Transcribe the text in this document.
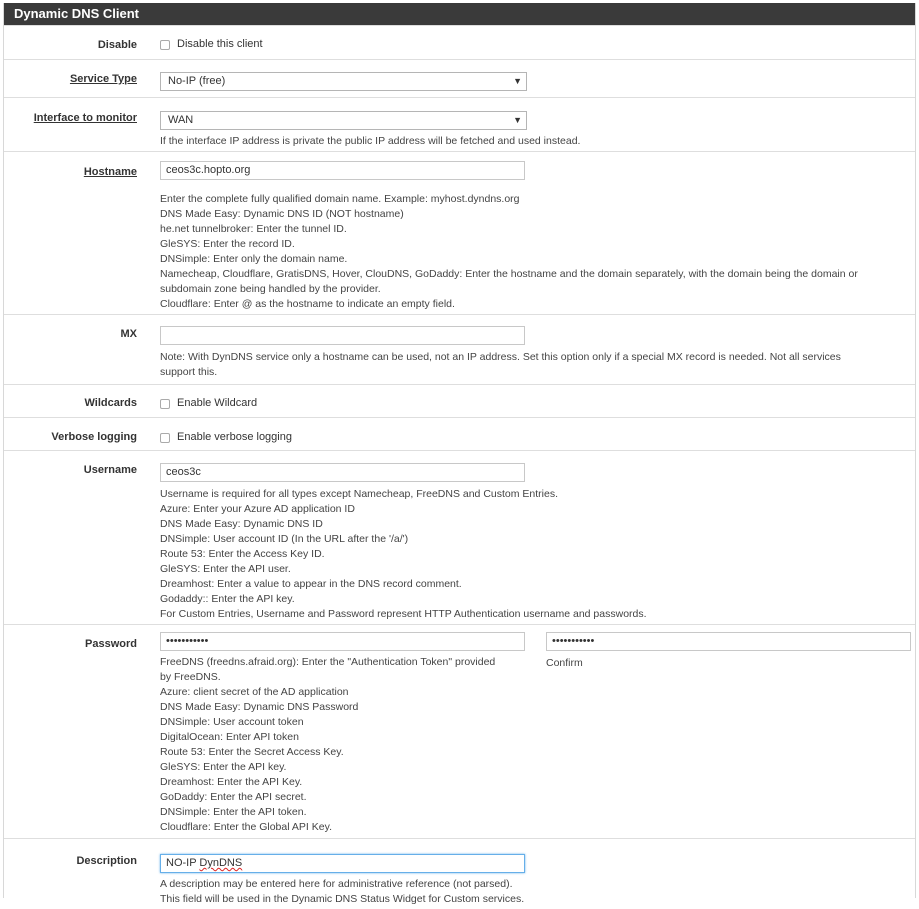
Dynamic DNS Client
Disable	Disable this client
Service Type	No-IP (free)	▼
Interface to monitor	WAN	▼
If the interface IP address is private the public IP address will be fetched and used instead.
Hostname	ceos3c.hopto.org
Enter the complete fully qualified domain name. Example: myhost.dyndns.org
DNS Made Easy: Dynamic DNS ID (NOT hostname)
he.net tunnelbroker: Enter the tunnel ID.
GleSYS: Enter the record ID.
DNSimple: Enter only the domain name.
Namecheap, Cloudflare, GratisDNS, Hover, ClouDNS, GoDaddy: Enter the hostname and the domain separately, with the domain being the domain or
subdomain zone being handled by the provider.
Cloudflare: Enter @ as the hostname to indicate an empty field.
MX
Note: With DynDNS service only a hostname can be used, not an IP address. Set this option only if a special MX record is needed. Not all services
support this.
Wildcards	Enable Wildcard
Verbose logging	Enable verbose logging
Username	ceos3c
Username is required for all types except Namecheap, FreeDNS and Custom Entries.
Azure: Enter your Azure AD application ID
DNS Made Easy: Dynamic DNS ID
DNSimple: User account ID (In the URL after the '/a/')
Route 53: Enter the Access Key ID.
GleSYS: Enter the API user.
Dreamhost: Enter a value to appear in the DNS record comment.
Godaddy:: Enter the API key.
For Custom Entries, Username and Password represent HTTP Authentication username and passwords.
Password	•••••••••••	•••••••••••
Confirm
FreeDNS (freedns.afraid.org): Enter the "Authentication Token" provided
by FreeDNS.
Azure: client secret of the AD application
DNS Made Easy: Dynamic DNS Password
DNSimple: User account token
DigitalOcean: Enter API token
Route 53: Enter the Secret Access Key.
GleSYS: Enter the API key.
Dreamhost: Enter the API Key.
GoDaddy: Enter the API secret.
DNSimple: Enter the API token.
Cloudflare: Enter the Global API Key.
Description	NO-IP DynDNS
A description may be entered here for administrative reference (not parsed).
This field will be used in the Dynamic DNS Status Widget for Custom services.
